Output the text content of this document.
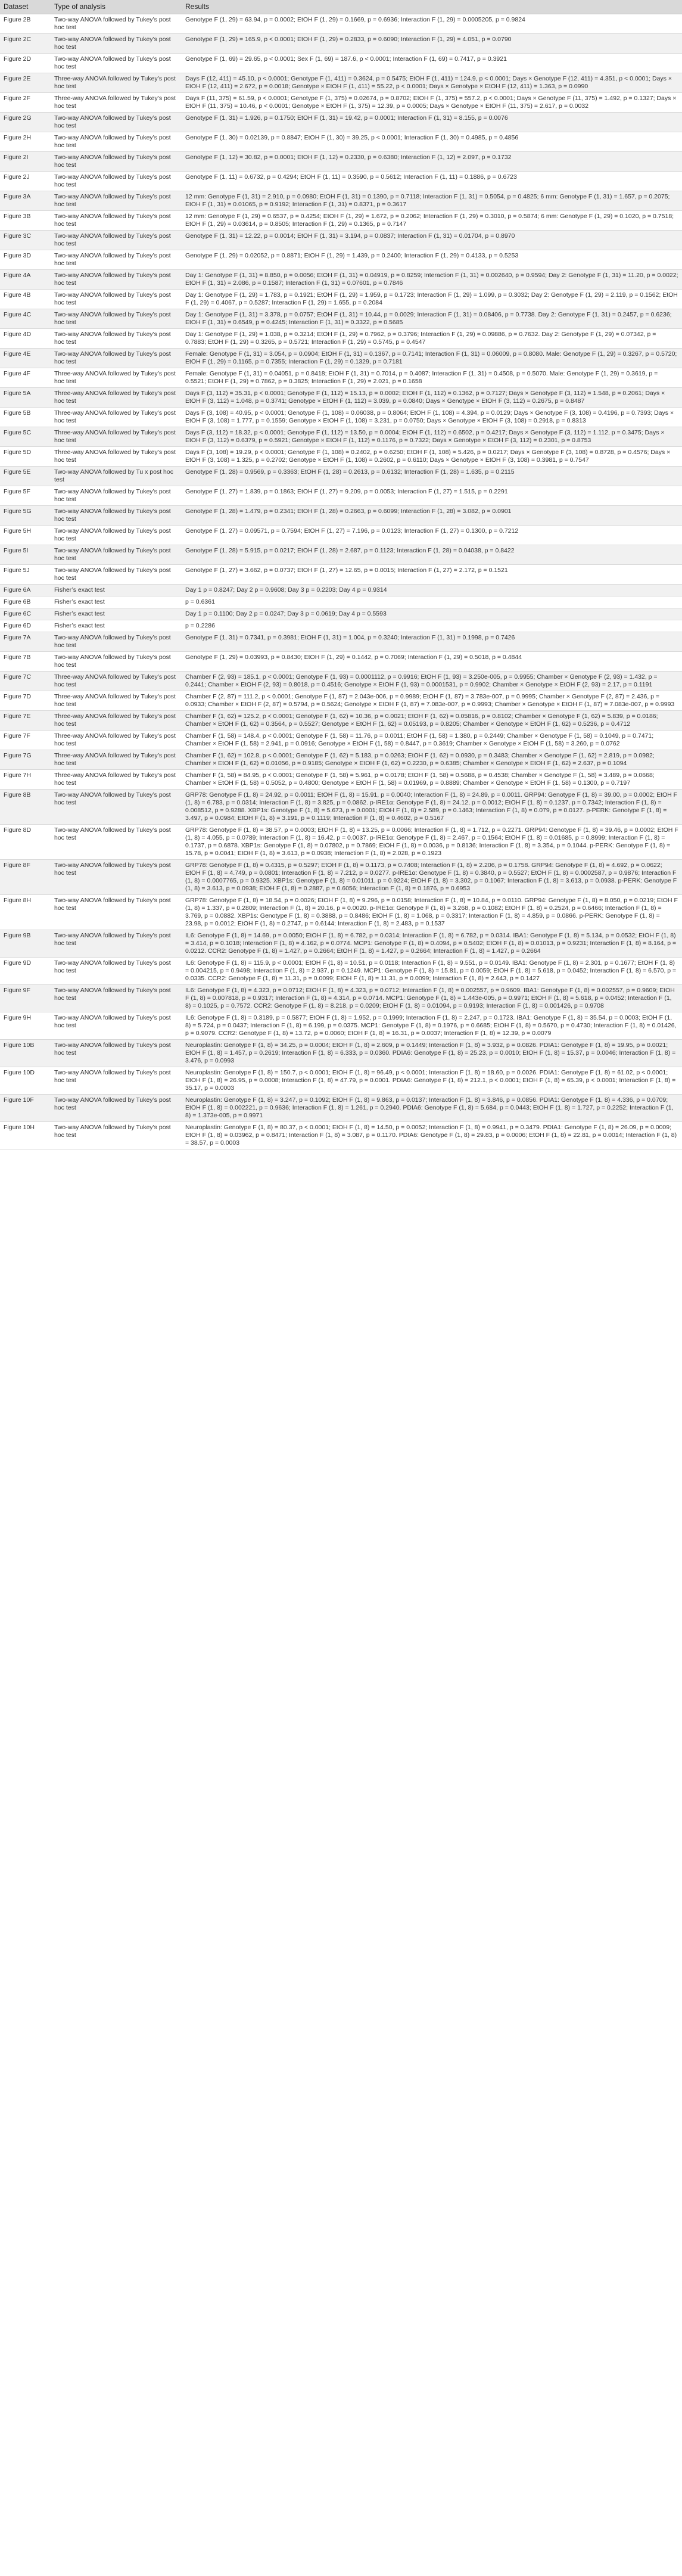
Dataset	Type of analysis	Results
Figure 2B	Two-way ANOVA followed by Tukey’s post hoc test	Genotype F (1, 29) = 63.94, p = 0.0002; EtOH F (1, 29) = 0.1669, p = 0.6936; Interaction F (1, 29) = 0.0005205, p = 0.9824
Figure 2C	Two-way ANOVA followed by Tukey’s post hoc test	Genotype F (1, 29) = 165.9, p < 0.0001; EtOH F (1, 29) = 0.2833, p = 0.6090; Interaction F (1, 29) = 4.051, p = 0.0790
Figure 2D	Two-way ANOVA followed by Tukey’s post hoc test	Genotype F (1, 69) = 29.65, p < 0.0001; Sex F (1, 69) = 187.6, p < 0.0001; Interaction F (1, 69) = 0.7417, p = 0.3921
Figure 2E	Three-way ANOVA followed by Tukey’s post hoc test	Days F (12, 411) = 45.10, p < 0.0001; Genotype F (1, 411) = 0.3624, p = 0.5475; EtOH F (1, 411) = 124.9, p < 0.0001; Days × Genotype F (12, 411) = 4.351, p < 0.0001; Days × EtOH F (12, 411) = 2.672, p = 0.0018; Genotype × EtOH F (1, 411) = 55.22, p < 0.0001; Days × Genotype × EtOH F (12, 411) = 1.363, p = 0.0990
Figure 2F	Three-way ANOVA followed by Tukey’s post hoc test	Days F (11, 375) = 61.59, p < 0.0001; Genotype F (1, 375) = 0.02674, p = 0.8702; EtOH F (1, 375) = 557.2, p < 0.0001; Days × Genotype F (11, 375) = 1.492, p = 0.1327; Days × EtOH F (11, 375) = 10.46, p < 0.0001; Genotype × EtOH F (1, 375) = 12.39, p = 0.0005; Days × Genotype × EtOH F (11, 375) = 2.617, p = 0.0032
Figure 2G	Two-way ANOVA followed by Tukey’s post hoc test	Genotype F (1, 31) = 1.926, p = 0.1750; EtOH F (1, 31) = 19.42, p = 0.0001; Interaction F (1, 31) = 8.155, p = 0.0076
Figure 2H	Two-way ANOVA followed by Tukey’s post hoc test	Genotype F (1, 30) = 0.02139, p = 0.8847; EtOH F (1, 30) = 39.25, p < 0.0001; Interaction F (1, 30) = 0.4985, p = 0.4856
Figure 2I	Two-way ANOVA followed by Tukey’s post hoc test	Genotype F (1, 12) = 30.82, p = 0.0001; EtOH F (1, 12) = 0.2330, p = 0.6380; Interaction F (1, 12) = 2.097, p = 0.1732
Figure 2J	Two-way ANOVA followed by Tukey’s post hoc test	Genotype F (1, 11) = 0.6732, p = 0.4294; EtOH F (1, 11) = 0.3590, p = 0.5612; Interaction F (1, 11) = 0.1886, p = 0.6723
Figure 3A	Two-way ANOVA followed by Tukey’s post hoc test	12 mm: Genotype F (1, 31) = 2.910, p = 0.0980; EtOH F (1, 31) = 0.1390, p = 0.7118; Interaction F (1, 31) = 0.5054, p = 0.4825; 6 mm: Genotype F (1, 31) = 1.657, p = 0.2075; EtOH F (1, 31) = 0.01065, p = 0.9192; Interaction F (1, 31) = 0.8371, p = 0.3617
Figure 3B	Two-way ANOVA followed by Tukey’s post hoc test	12 mm: Genotype F (1, 29) = 0.6537, p = 0.4254; EtOH F (1, 29) = 1.672, p = 0.2062; Interaction F (1, 29) = 0.3010, p = 0.5874; 6 mm: Genotype F (1, 29) = 0.1020, p = 0.7518; EtOH F (1, 29) = 0.03614, p = 0.8505; Interaction F (1, 29) = 0.1365, p = 0.7147
Figure 3C	Two-way ANOVA followed by Tukey’s post hoc test	Genotype F (1, 31) = 12.22, p = 0.0014; EtOH F (1, 31) = 3.194, p = 0.0837; Interaction F (1, 31) = 0.01704, p = 0.8970
Figure 3D	Two-way ANOVA followed by Tukey’s post hoc test	Genotype F (1, 29) = 0.02052, p = 0.8871; EtOH F (1, 29) = 1.439, p = 0.2400; Interaction F (1, 29) = 0.4133, p = 0.5253
Figure 4A	Two-way ANOVA followed by Tukey’s post hoc test	Day 1: Genotype F (1, 31) = 8.850, p = 0.0056; EtOH F (1, 31) = 0.04919, p = 0.8259; Interaction F (1, 31) = 0.002640, p = 0.9594; Day 2: Genotype F (1, 31) = 11.20, p = 0.0022; EtOH F (1, 31) = 2.086, p = 0.1587; Interaction F (1, 31) = 0.07601, p = 0.7846
Figure 4B	Two-way ANOVA followed by Tukey’s post hoc test	Day 1: Genotype F (1, 29) = 1.783, p = 0.1921; EtOH F (1, 29) = 1.959, p = 0.1723; Interaction F (1, 29) = 1.099, p = 0.3032; Day 2: Genotype F (1, 29) = 2.119, p = 0.1562; EtOH F (1, 29) = 0.4067, p = 0.5287; Interaction F (1, 29) = 1.655, p = 0.2084
Figure 4C	Two-way ANOVA followed by Tukey’s post hoc test	Day 1: Genotype F (1, 31) = 3.378, p = 0.0757; EtOH F (1, 31) = 10.44, p = 0.0029; Interaction F (1, 31) = 0.08406, p = 0.7738. Day 2: Genotype F (1, 31) = 0.2457, p = 0.6236; EtOH F (1, 31) = 0.6549, p = 0.4245; Interaction F (1, 31) = 0.3322, p = 0.5685
Figure 4D	Two-way ANOVA followed by Tukey’s post hoc test	Day 1: Genotype F (1, 29) = 1.038, p = 0.3214; EtOH F (1, 29) = 0.7962, p = 0.3796; Interaction F (1, 29) = 0.09886, p = 0.7632. Day 2: Genotype F (1, 29) = 0.07342, p = 0.7883; EtOH F (1, 29) = 0.3265, p = 0.5721; Interaction F (1, 29) = 0.5745, p = 0.4547
Figure 4E	Two-way ANOVA followed by Tukey’s post hoc test	Female: Genotype F (1, 31) = 3.054, p = 0.0904; EtOH F (1, 31) = 0.1367, p = 0.7141; Interaction F (1, 31) = 0.06009, p = 0.8080. Male: Genotype F (1, 29) = 0.3267, p = 0.5720; EtOH F (1, 29) = 0.1165, p = 0.7355; Interaction F (1, 29) = 0.1329, p = 0.7181
Figure 4F	Three-way ANOVA followed by Tukey’s post hoc test	Female: Genotype F (1, 31) = 0.04051, p = 0.8418; EtOH F (1, 31) = 0.7014, p = 0.4087; Interaction F (1, 31) = 0.4508, p = 0.5070. Male: Genotype F (1, 29) = 0.3619, p = 0.5521; EtOH F (1, 29) = 0.7862, p = 0.3825; Interaction F (1, 29) = 2.021, p = 0.1658
Figure 5A	Three-way ANOVA followed by Tukey’s post hoc test	Days F (3, 112) = 35.31, p < 0.0001; Genotype F (1, 112) = 15.13, p = 0.0002; EtOH F (1, 112) = 0.1362, p = 0.7127; Days × Genotype F (3, 112) = 1.548, p = 0.2061; Days × EtOH F (3, 112) = 1.048, p = 0.3741; Genotype × EtOH F (1, 112) = 3.039, p = 0.0840; Days × Genotype × EtOH F (3, 112) = 0.2675, p = 0.8487
Figure 5B	Three-way ANOVA followed by Tukey’s post hoc test	Days F (3, 108) = 40.95, p < 0.0001; Genotype F (1, 108) = 0.06038, p = 0.8064; EtOH F (1, 108) = 4.394, p = 0.0129; Days × Genotype F (3, 108) = 0.4196, p = 0.7393; Days × EtOH F (3, 108) = 1.777, p = 0.1559; Genotype × EtOH F (1, 108) = 3.231, p = 0.0750; Days × Genotype × EtOH F (3, 108) = 0.2918, p = 0.8313
Figure 5C	Three-way ANOVA followed by Tukey’s post hoc test	Days F (3, 112) = 18.32, p < 0.0001; Genotype F (1, 112) = 13.50, p = 0.0004; EtOH F (1, 112) = 0.6502, p = 0.4217; Days × Genotype F (3, 112) = 1.112, p = 0.3475; Days × EtOH F (3, 112) = 0.6379, p = 0.5921; Genotype × EtOH F (1, 112) = 0.1176, p = 0.7322; Days × Genotype × EtOH F (3, 112) = 0.2301, p = 0.8753
Figure 5D	Three-way ANOVA followed by Tukey’s post hoc test	Days F (3, 108) = 19.29, p < 0.0001; Genotype F (1, 108) = 0.2402, p = 0.6250; EtOH F (1, 108) = 5.426, p = 0.0217; Days × Genotype F (3, 108) = 0.8728, p = 0.4576; Days × EtOH F (3, 108) = 1.325, p = 0.2702; Genotype × EtOH F (1, 108) = 0.2602, p = 0.6110; Days × Genotype × EtOH F (3, 108) = 0.3981, p = 0.7547
Figure 5E	Two-way ANOVA followed by Tu x post hoc test	Genotype F (1, 28) = 0.9569, p = 0.3363; EtOH F (1, 28) = 0.2613, p = 0.6132; Interaction F (1, 28) = 1.635, p = 0.2115
Figure 5F	Two-way ANOVA followed by Tukey’s post hoc test	Genotype F (1, 27) = 1.839, p = 0.1863; EtOH F (1, 27) = 9.209, p = 0.0053; Interaction F (1, 27) = 1.515, p = 0.2291
Figure 5G	Two-way ANOVA followed by Tukey’s post hoc test	Genotype F (1, 28) = 1.479, p = 0.2341; EtOH F (1, 28) = 0.2663, p = 0.6099; Interaction F (1, 28) = 3.082, p = 0.0901
Figure 5H	Two-way ANOVA followed by Tukey’s post hoc test	Genotype F (1, 27) = 0.09571, p = 0.7594; EtOH F (1, 27) = 7.196, p = 0.0123; Interaction F (1, 27) = 0.1300, p = 0.7212
Figure 5I	Two-way ANOVA followed by Tukey’s post hoc test	Genotype F (1, 28) = 5.915, p = 0.0217; EtOH F (1, 28) = 2.687, p = 0.1123; Interaction F (1, 28) = 0.04038, p = 0.8422
Figure 5J	Two-way ANOVA followed by Tukey’s post hoc test	Genotype F (1, 27) = 3.662, p = 0.0737; EtOH F (1, 27) = 12.65, p = 0.0015; Interaction F (1, 27) = 2.172, p = 0.1521
Figure 6A	Fisher’s exact test	Day 1 p = 0.8247; Day 2 p = 0.9608; Day 3 p = 0.2203; Day 4 p = 0.9314
Figure 6B	Fisher’s exact test	p = 0.6361
Figure 6C	Fisher’s exact test	Day 1 p = 0.1100; Day 2 p = 0.0247; Day 3 p = 0.0619; Day 4 p = 0.5593
Figure 6D	Fisher’s exact test	p = 0.2286
Figure 7A	Two-way ANOVA followed by Tukey’s post hoc test	Genotype F (1, 31) = 0.7341, p = 0.3981; EtOH F (1, 31) = 1.004, p = 0.3240; Interaction F (1, 31) = 0.1998, p = 0.7426
Figure 7B	Two-way ANOVA followed by Tukey’s post hoc test	Genotype F (1, 29) = 0.03993, p = 0.8430; EtOH F (1, 29) = 0.1442, p = 0.7069; Interaction F (1, 29) = 0.5018, p = 0.4844
Figure 7C	Three-way ANOVA followed by Tukey’s post hoc test	Chamber F (2, 93) = 185.1, p < 0.0001; Genotype F (1, 93) = 0.0001112, p = 0.9916; EtOH F (1, 93) = 3.250e-005, p = 0.9955; Chamber × Genotype F (2, 93) = 1.432, p = 0.2441; Chamber × EtOH F (2, 93) = 0.8018, p = 0.4516; Genotype × EtOH F (1, 93) = 0.0001531, p = 0.9902; Chamber × Genotype × EtOH F (2, 93) = 2.17, p = 0.1191
Figure 7D	Three-way ANOVA followed by Tukey’s post hoc test	Chamber F (2, 87) = 111.2, p < 0.0001; Genotype F (1, 87) = 2.043e-006, p = 0.9989; EtOH F (1, 87) = 3.783e-007, p = 0.9995; Chamber × Genotype F (2, 87) = 2.436, p = 0.0933; Chamber × EtOH F (2, 87) = 0.5794, p = 0.5624; Genotype × EtOH F (1, 87) = 7.083e-007, p = 0.9993; Chamber × Genotype × EtOH F (1, 87) = 7.083e-007, p = 0.9993
Figure 7E	Three-way ANOVA followed by Tukey’s post hoc test	Chamber F (1, 62) = 125.2, p < 0.0001; Genotype F (1, 62) = 10.36, p = 0.0021; EtOH F (1, 62) = 0.05816, p = 0.8102; Chamber × Genotype F (1, 62) = 5.839, p = 0.0186; Chamber × EtOH F (1, 62) = 0.3564, p = 0.5527; Genotype × EtOH F (1, 62) = 0.05193, p = 0.8205; Chamber × Genotype × EtOH F (1, 62) = 0.5236, p = 0.4712
Figure 7F	Three-way ANOVA followed by Tukey’s post hoc test	Chamber F (1, 58) = 148.4, p < 0.0001; Genotype F (1, 58) = 11.76, p = 0.0011; EtOH F (1, 58) = 1.380, p = 0.2449; Chamber × Genotype F (1, 58) = 0.1049, p = 0.7471; Chamber × EtOH F (1, 58) = 2.941, p = 0.0916; Genotype × EtOH F (1, 58) = 0.8447, p = 0.3619; Chamber × Genotype × EtOH F (1, 58) = 3.260, p = 0.0762
Figure 7G	Three-way ANOVA followed by Tukey’s post hoc test	Chamber F (1, 62) = 102.8, p < 0.0001; Genotype F (1, 62) = 5.183, p = 0.0263; EtOH F (1, 62) = 0.0930, p = 0.3483; Chamber × Genotype F (1, 62) = 2.819, p = 0.0982; Chamber × EtOH F (1, 62) = 0.01056, p = 0.9185; Genotype × EtOH F (1, 62) = 0.2230, p = 0.6385; Chamber × Genotype × EtOH F (1, 62) = 2.637, p = 0.1094
Figure 7H	Three-way ANOVA followed by Tukey’s post hoc test	Chamber F (1, 58) = 84.95, p < 0.0001; Genotype F (1, 58) = 5.961, p = 0.0178; EtOH F (1, 58) = 0.5688, p = 0.4538; Chamber × Genotype F (1, 58) = 3.489, p = 0.0668; Chamber × EtOH F (1, 58) = 0.5052, p = 0.4800; Genotype × EtOH F (1, 58) = 0.01969, p = 0.8889; Chamber × Genotype × EtOH F (1, 58) = 0.1300, p = 0.7197
Figure 8B	Two-way ANOVA followed by Tukey’s post hoc test	GRP78: Genotype F (1, 8) = 24.92, p = 0.0011; EtOH F (1, 8) = 15.91, p = 0.0040; Interaction F (1, 8) = 24.89, p = 0.0011. GRP94: Genotype F (1, 8) = 39.00, p = 0.0002; EtOH F (1, 8) = 6.783, p = 0.0314; Interaction F (1, 8) = 3.825, p = 0.0862. p-IRE1α: Genotype F (1, 8) = 24.12, p = 0.0012; EtOH F (1, 8) = 0.1237, p = 0.7342; Interaction F (1, 8) = 0.008512, p = 0.9288. XBP1s: Genotype F (1, 8) = 5.673, p = 0.0001; EtOH F (1, 8) = 2.589, p = 0.1463; Interaction F (1, 8) = 0.079, p = 0.0127. p-PERK: Genotype F (1, 8) = 3.497, p = 0.0984; EtOH F (1, 8) = 3.191, p = 0.1119; Interaction F (1, 8) = 0.4602, p = 0.5167
Figure 8D	Two-way ANOVA followed by Tukey’s post hoc test	GRP78: Genotype F (1, 8) = 38.57, p = 0.0003; EtOH F (1, 8) = 13.25, p = 0.0066; Interaction F (1, 8) = 1.712, p = 0.2271. GRP94: Genotype F (1, 8) = 39.46, p = 0.0002; EtOH F (1, 8) = 4.055, p = 0.0789; Interaction F (1, 8) = 16.42, p = 0.0037. p-IRE1α: Genotype F (1, 8) = 2.467, p = 0.1564; EtOH F (1, 8) = 0.01685, p = 0.8999; Interaction F (1, 8) = 0.1737, p = 0.6878. XBP1s: Genotype F (1, 8) = 0.07802, p = 0.7869; EtOH F (1, 8) = 0.0036, p = 0.8136; Interaction F (1, 8) = 3.354, p = 0.1044. p-PERK: Genotype F (1, 8) = 15.78, p = 0.0041; EtOH F (1, 8) = 3.613, p = 0.0938; Interaction F (1, 8) = 2.028, p = 0.1923
Figure 8F	Two-way ANOVA followed by Tukey’s post hoc test	GRP78: Genotype F (1, 8) = 0.4315, p = 0.5297; EtOH F (1, 8) = 0.1173, p = 0.7408; Interaction F (1, 8) = 2.206, p = 0.1758. GRP94: Genotype F (1, 8) = 4.692, p = 0.0622; EtOH F (1, 8) = 4.749, p = 0.0801; Interaction F (1, 8) = 7.212, p = 0.0277. p-IRE1α: Genotype F (1, 8) = 0.3840, p = 0.5527; EtOH F (1, 8) = 0.0002587, p = 0.9876; Interaction F (1, 8) = 0.0007765, p = 0.9325. XBP1s: Genotype F (1, 8) = 0.01011, p = 0.9224; EtOH F (1, 8) = 3.302, p = 0.1067; Interaction F (1, 8) = 3.613, p = 0.0938. p-PERK: Genotype F (1, 8) = 3.613, p = 0.0938; EtOH F (1, 8) = 0.2887, p = 0.6056; Interaction F (1, 8) = 0.1876, p = 0.6953
Figure 8H	Two-way ANOVA followed by Tukey’s post hoc test	GRP78: Genotype F (1, 8) = 18.54, p = 0.0026; EtOH F (1, 8) = 9.296, p = 0.0158; Interaction F (1, 8) = 10.84, p = 0.0110. GRP94: Genotype F (1, 8) = 8.050, p = 0.0219; EtOH F (1, 8) = 1.337, p = 0.2809; Interaction F (1, 8) = 20.16, p = 0.0020. p-IRE1α: Genotype F (1, 8) = 3.268, p = 0.1082; EtOH F (1, 8) = 0.2524, p = 0.6466; Interaction F (1, 8) = 3.769, p = 0.0882. XBP1s: Genotype F (1, 8) = 0.3888, p = 0.8486; EtOH F (1, 8) = 1.068, p = 0.3317; Interaction F (1, 8) = 4.859, p = 0.0866. p-PERK: Genotype F (1, 8) = 23.98, p = 0.0012; EtOH F (1, 8) = 0.2747, p = 0.6144; Interaction F (1, 8) = 2.483, p = 0.1537
Figure 9B	Two-way ANOVA followed by Tukey’s post hoc test	IL6: Genotype F (1, 8) = 14.69, p = 0.0050; EtOH F (1, 8) = 6.782, p = 0.0314; Interaction F (1, 8) = 6.782, p = 0.0314. IBA1: Genotype F (1, 8) = 5.134, p = 0.0532; EtOH F (1, 8) = 3.414, p = 0.1018; Interaction F (1, 8) = 4.162, p = 0.0774. MCP1: Genotype F (1, 8) = 0.4094, p = 0.5402; EtOH F (1, 8) = 0.01013, p = 0.9231; Interaction F (1, 8) = 8.164, p = 0.0212. CCR2: Genotype F (1, 8) = 1.427, p = 0.2664; EtOH F (1, 8) = 1.427, p = 0.2664; Interaction F (1, 8) = 1.427, p = 0.2664
Figure 9D	Two-way ANOVA followed by Tukey’s post hoc test	IL6: Genotype F (1, 8) = 115.9, p < 0.0001; EtOH F (1, 8) = 10.51, p = 0.0118; Interaction F (1, 8) = 9.551, p = 0.0149. IBA1: Genotype F (1, 8) = 2.301, p = 0.1677; EtOH F (1, 8) = 0.004215, p = 0.9498; Interaction F (1, 8) = 2.937, p = 0.1249. MCP1: Genotype F (1, 8) = 15.81, p = 0.0059; EtOH F (1, 8) = 5.618, p = 0.0452; Interaction F (1, 8) = 6.570, p = 0.0335. CCR2: Genotype F (1, 8) = 11.31, p = 0.0099; EtOH F (1, 8) = 11.31, p = 0.0099; Interaction F (1, 8) = 2.643, p = 0.1427
Figure 9F	Two-way ANOVA followed by Tukey’s post hoc test	IL6: Genotype F (1, 8) = 4.323, p = 0.0712; EtOH F (1, 8) = 4.323, p = 0.0712; Interaction F (1, 8) = 0.002557, p = 0.9609. IBA1: Genotype F (1, 8) = 0.002557, p = 0.9609; EtOH F (1, 8) = 0.007818, p = 0.9317; Interaction F (1, 8) = 4.314, p = 0.0714. MCP1: Genotype F (1, 8) = 1.443e-005, p = 0.9971; EtOH F (1, 8) = 5.618, p = 0.0452; Interaction F (1, 8) = 0.1025, p = 0.7572. CCR2: Genotype F (1, 8) = 8.218, p = 0.0209; EtOH F (1, 8) = 0.01094, p = 0.9193; Interaction F (1, 8) = 0.001426, p = 0.9708
Figure 9H	Two-way ANOVA followed by Tukey’s post hoc test	IL6: Genotype F (1, 8) = 0.3189, p = 0.5877; EtOH F (1, 8) = 1.952, p = 0.1999; Interaction F (1, 8) = 2.247, p = 0.1723. IBA1: Genotype F (1, 8) = 35.54, p = 0.0003; EtOH F (1, 8) = 5.724, p = 0.0437; Interaction F (1, 8) = 6.199, p = 0.0375. MCP1: Genotype F (1, 8) = 0.1976, p = 0.6685; EtOH F (1, 8) = 0.5670, p = 0.4730; Interaction F (1, 8) = 0.01426, p = 0.9079. CCR2: Genotype F (1, 8) = 13.72, p = 0.0060; EtOH F (1, 8) = 16.31, p = 0.0037; Interaction F (1, 8) = 12.39, p = 0.0079
Figure 10B	Two-way ANOVA followed by Tukey’s post hoc test	Neuroplastin: Genotype F (1, 8) = 34.25, p = 0.0004; EtOH F (1, 8) = 2.609, p = 0.1449; Interaction F (1, 8) = 3.932, p = 0.0826. PDIA1: Genotype F (1, 8) = 19.95, p = 0.0021; EtOH F (1, 8) = 1.457, p = 0.2619; Interaction F (1, 8) = 6.333, p = 0.0360. PDIA6: Genotype F (1, 8) = 25.23, p = 0.0010; EtOH F (1, 8) = 15.37, p = 0.0046; Interaction F (1, 8) = 3.476, p = 0.0993
Figure 10D	Two-way ANOVA followed by Tukey’s post hoc test	Neuroplastin: Genotype F (1, 8) = 150.7, p < 0.0001; EtOH F (1, 8) = 96.49, p < 0.0001; Interaction F (1, 8) = 18.60, p = 0.0026. PDIA1: Genotype F (1, 8) = 61.02, p < 0.0001; EtOH F (1, 8) = 26.95, p = 0.0008; Interaction F (1, 8) = 47.79, p = 0.0001. PDIA6: Genotype F (1, 8) = 212.1, p < 0.0001; EtOH F (1, 8) = 65.39, p < 0.0001; Interaction F (1, 8) = 35.17, p = 0.0003
Figure 10F	Two-way ANOVA followed by Tukey’s post hoc test	Neuroplastin: Genotype F (1, 8) = 3.247, p = 0.1092; EtOH F (1, 8) = 9.863, p = 0.0137; Interaction F (1, 8) = 3.846, p = 0.0856. PDIA1: Genotype F (1, 8) = 4.336, p = 0.0709; EtOH F (1, 8) = 0.002221, p = 0.9636; Interaction F (1, 8) = 1.261, p = 0.2940. PDIA6: Genotype F (1, 8) = 5.684, p = 0.0443; EtOH F (1, 8) = 1.727, p = 0.2252; Interaction F (1, 8) = 1.373e-005, p = 0.9971
Figure 10H	Two-way ANOVA followed by Tukey’s post hoc test	Neuroplastin: Genotype F (1, 8) = 80.37, p < 0.0001; EtOH F (1, 8) = 14.50, p = 0.0052; Interaction F (1, 8) = 0.9941, p = 0.3479. PDIA1: Genotype F (1, 8) = 26.09, p = 0.0009; EtOH F (1, 8) = 0.03962, p = 0.8471; Interaction F (1, 8) = 3.087, p = 0.1170. PDIA6: Genotype F (1, 8) = 29.83, p = 0.0006; EtOH F (1, 8) = 22.81, p = 0.0014; Interaction F (1, 8) = 38.57, p = 0.0003
